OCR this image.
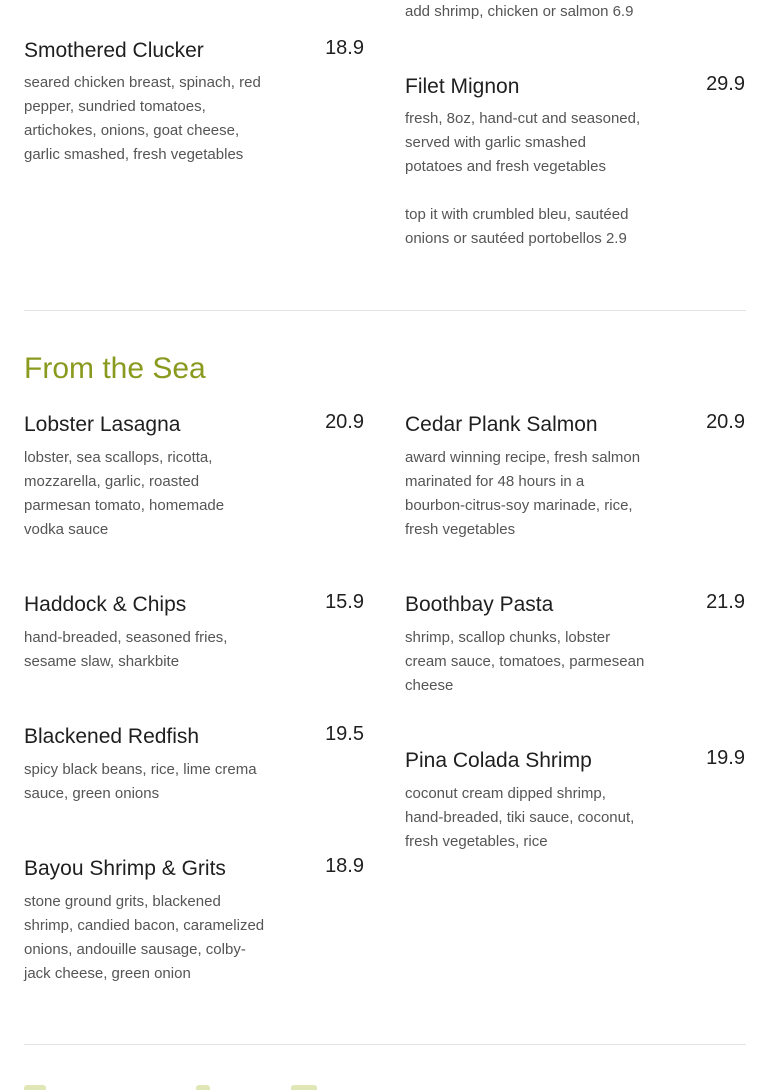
add shrimp, chicken or salmon 6.9
Smothered Clucker	18.9
seared chicken breast, spinach, red
pepper, sundried tomatoes,
artichokes, onions, goat cheese,
garlic smashed, fresh vegetables
Filet Mignon	29.9
fresh, 8oz, hand-cut and seasoned,
served with garlic smashed
potatoes and fresh vegetables
top it with crumbled bleu, sautéed
onions or sautéed portobellos 2.9
From the Sea
Lobster Lasagna	20.9
lobster, sea scallops, ricotta,
mozzarella, garlic, roasted
parmesan tomato, homemade
vodka sauce
Haddock & Chips	15.9
hand-breaded, seasoned fries,
sesame slaw, sharkbite
Blackened Redfish	19.5
spicy black beans, rice, lime crema
sauce, green onions
Bayou Shrimp & Grits	18.9
stone ground grits, blackened
shrimp, candied bacon, caramelized
onions, andouille sausage, colby-
jack cheese, green onion
Cedar Plank Salmon	20.9
award winning recipe, fresh salmon
marinated for 48 hours in a
bourbon-citrus-soy marinade, rice,
fresh vegetables
Boothbay Pasta	21.9
shrimp, scallop chunks, lobster
cream sauce, tomatoes, parmesean
cheese
Pina Colada Shrimp	19.9
coconut cream dipped shrimp,
hand-breaded, tiki sauce, coconut,
fresh vegetables, rice
